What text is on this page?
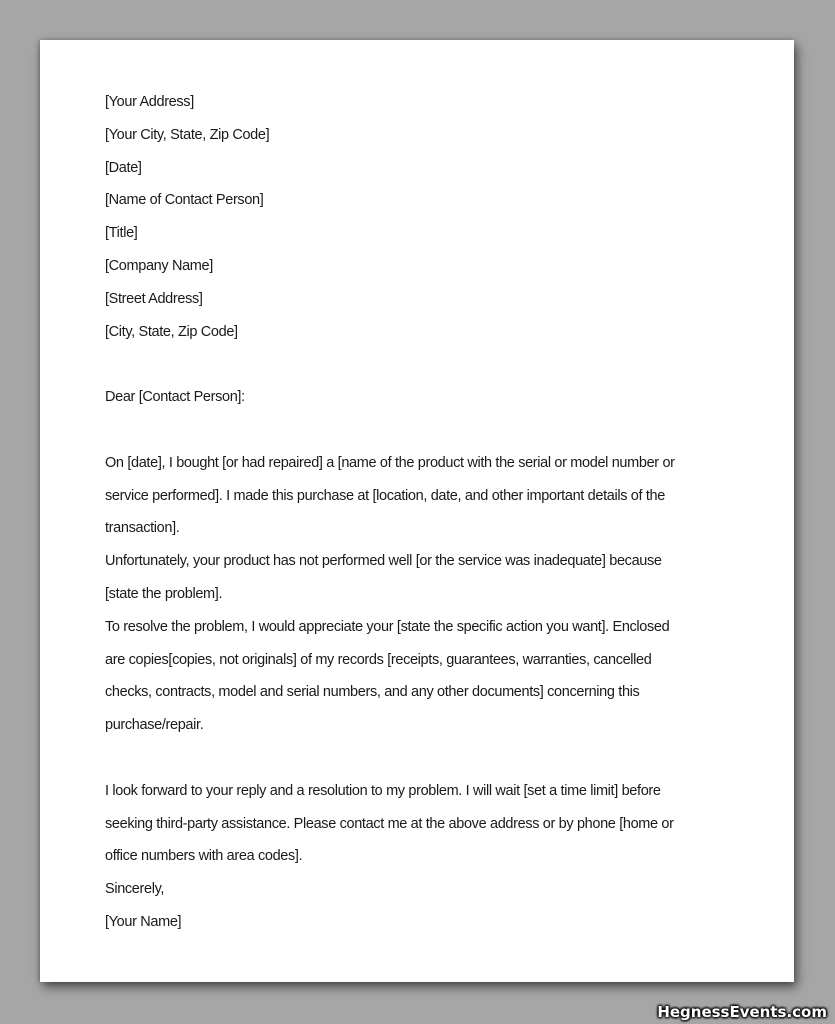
[Your Address]
[Your City, State, Zip Code]
[Date]
[Name of Contact Person]
[Title]
[Company Name]
[Street Address]
[City, State, Zip Code]
Dear [Contact Person]:
On [date], I bought [or had repaired] a [name of the product with the serial or model number or
service performed]. I made this purchase at [location, date, and other important details of the
transaction].
Unfortunately, your product has not performed well [or the service was inadequate] because
[state the problem].
To resolve the problem, I would appreciate your [state the specific action you want]. Enclosed
are copies[copies, not originals] of my records [receipts, guarantees, warranties, cancelled
checks, contracts, model and serial numbers, and any other documents] concerning this
purchase/repair.
I look forward to your reply and a resolution to my problem. I will wait [set a time limit] before
seeking third-party assistance. Please contact me at the above address or by phone [home or
office numbers with area codes].
Sincerely,
[Your Name]
HegnessEvents.com
